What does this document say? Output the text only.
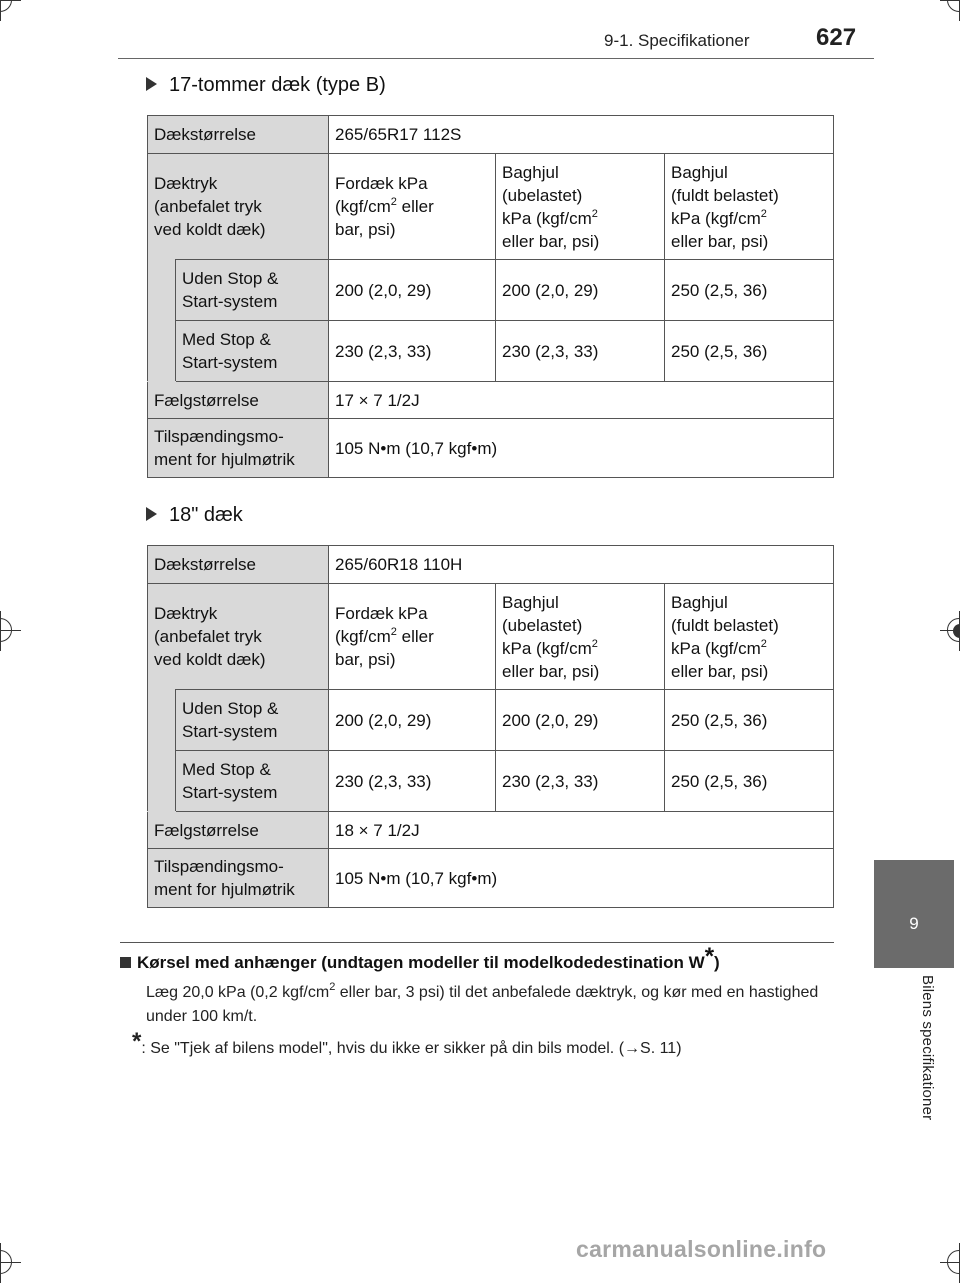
9-1. Specifikationer	627
9
Bilens specifikationer
17-tommer dæk (type B)
Dækstørrelse		265/65R17 112S		
Dæktryk
(anbefalet tryk
ved koldt dæk)		Fordæk kPa
($kgf/cm^2$ eller
bar, psi)	Baghjul
(ubelastet)
kPa ($kgf/cm^2$
eller bar, psi)	Baghjul
(fuldt belastet)
kPa ($kgf/cm^2$
eller bar, psi)
	Uden Stop &
Start-system	200 (2,0, 29)	200 (2,0, 29)	250 (2,5, 36)
	Med Stop &
Start-system	230 (2,3, 33)	230 (2,3, 33)	250 (2,5, 36)
Fælgstørrelse		17 × 7 1/2J		
Tilspændingsmo-
ment for hjulmøtrik		105 N•m (10,7 kgf•m)		
18" dæk
Dækstørrelse		265/60R18 110H		
Dæktryk
(anbefalet tryk
ved koldt dæk)		Fordæk kPa
($kgf/cm^2$ eller
bar, psi)	Baghjul
(ubelastet)
kPa ($kgf/cm^2$
eller bar, psi)	Baghjul
(fuldt belastet)
kPa ($kgf/cm^2$
eller bar, psi)
	Uden Stop &
Start-system	200 (2,0, 29)	200 (2,0, 29)	250 (2,5, 36)
	Med Stop &
Start-system	230 (2,3, 33)	230 (2,3, 33)	250 (2,5, 36)
Fælgstørrelse		18 × 7 1/2J		
Tilspændingsmo-
ment for hjulmøtrik		105 N•m (10,7 kgf•m)		
Kørsel med anhænger (undtagen modeller til modelkodedestination W*)
Læg 20,0 kPa (0,2 kgf/$cm^2$ eller bar, 3 psi) til det anbefalede dæktryk, og kør med en hastighed under 100 km/t.
*: Se "Tjek af bilens model", hvis du ikke er sikker på din bils model. (→S. 11)
carmanualsonline.info
